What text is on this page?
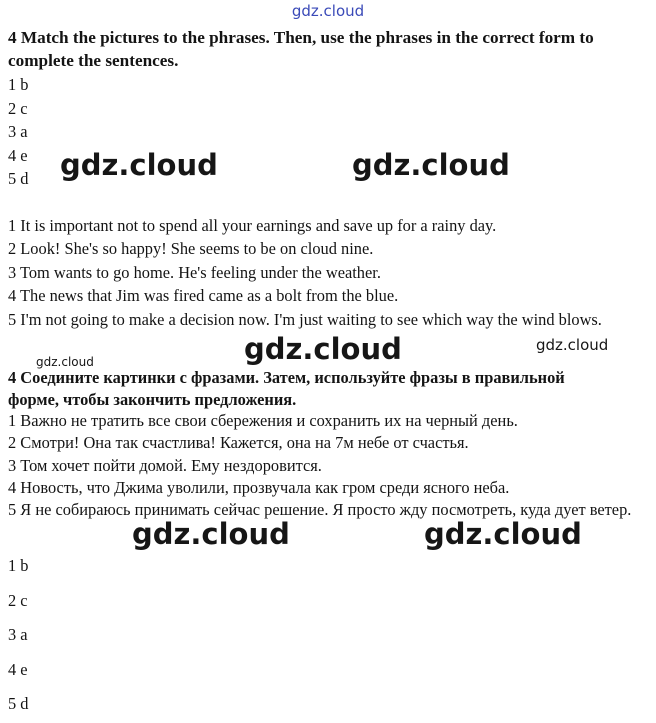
gdz.cloud
4 Match the pictures to the phrases. Then, use the phrases in the correct form to complete the sentences.
1 b
2 c
3 a
4 e
5 d gdz.cloud	gdz.cloud
1 It is important not to spend all your earnings and save up for a rainy day.
2 Look! She's so happy! She seems to be on cloud nine.
3 Tom wants to go home. He's feeling under the weather.
4 The news that Jim was fired came as a bolt from the blue.
5 I'm not going to make a decision now. I'm just waiting to see which way the wind blows.
gdz.cloud	gdz.cloud	gdz.cloud
4 Соедините картинки с фразами. Затем, используйте фразы в правильной форме, чтобы закончить предложения.
1 Важно не тратить все свои сбережения и сохранить их на черный день.
2 Смотри! Она так счастлива! Кажется, она на 7м небе от счастья.
3 Том хочет пойти домой. Ему нездоровится.
4 Новость, что Джима уволили, прозвучала как гром среди ясного неба.
5 Я не собираюсь принимать сейчас решение. Я просто жду посмотреть, куда дует ветер.
gdz.cloud	gdz.cloud
1 b
2 c
3 a
4 e
5 d
